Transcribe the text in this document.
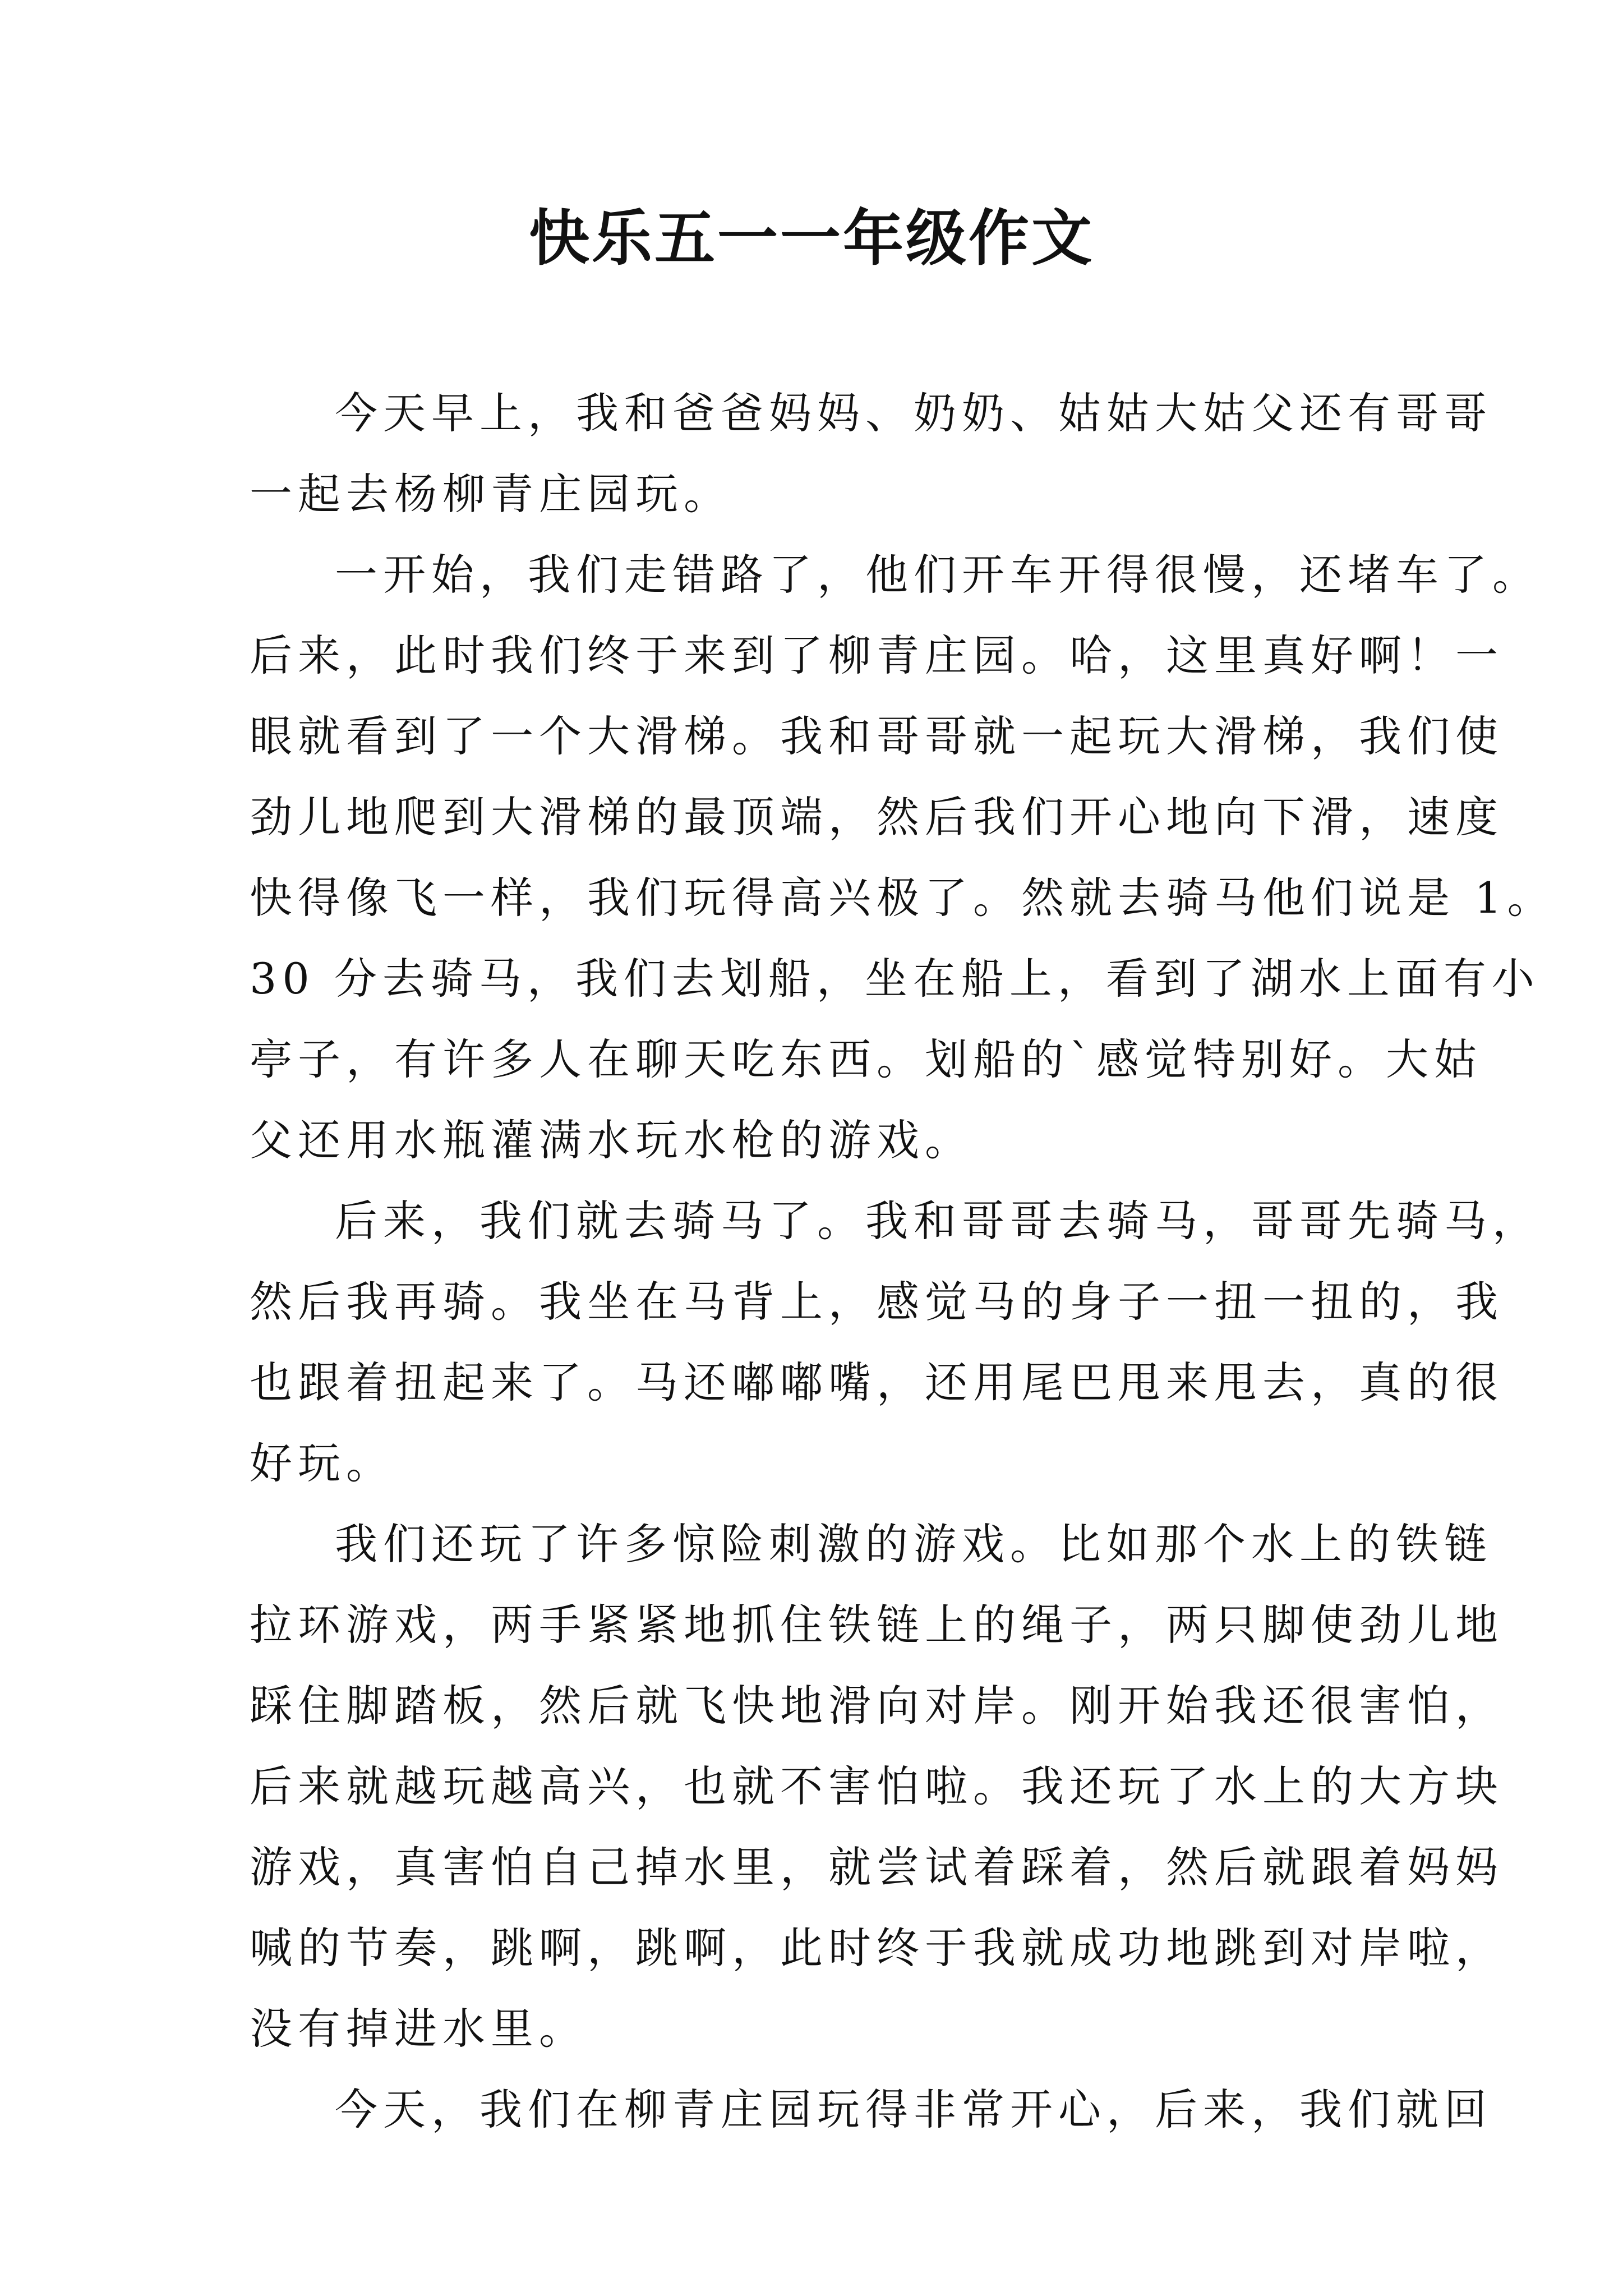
快乐五一一年级作文
今天早上，我和爸爸妈妈、奶奶、姑姑大姑父还有哥哥
一起去杨柳青庄园玩。
一开始，我们走错路了，他们开车开得很慢，还堵车了。
后来，此时我们终于来到了柳青庄园。哈，这里真好啊！一
眼就看到了一个大滑梯。我和哥哥就一起玩大滑梯，我们使
劲儿地爬到大滑梯的最顶端，然后我们开心地向下滑，速度
快得像飞一样，我们玩得高兴极了。然就去骑马他们说是 1。
30 分去骑马，我们去划船，坐在船上，看到了湖水上面有小
亭子，有许多人在聊天吃东西。划船的`感觉特别好。大姑
父还用水瓶灌满水玩水枪的游戏。
后来，我们就去骑马了。我和哥哥去骑马，哥哥先骑马，
然后我再骑。我坐在马背上，感觉马的身子一扭一扭的，我
也跟着扭起来了。马还嘟嘟嘴，还用尾巴甩来甩去，真的很
好玩。
我们还玩了许多惊险刺激的游戏。比如那个水上的铁链
拉环游戏，两手紧紧地抓住铁链上的绳子，两只脚使劲儿地
踩住脚踏板，然后就飞快地滑向对岸。刚开始我还很害怕，
后来就越玩越高兴，也就不害怕啦。我还玩了水上的大方块
游戏，真害怕自己掉水里，就尝试着踩着，然后就跟着妈妈
喊的节奏，跳啊，跳啊，此时终于我就成功地跳到对岸啦，
没有掉进水里。
今天，我们在柳青庄园玩得非常开心，后来，我们就回
